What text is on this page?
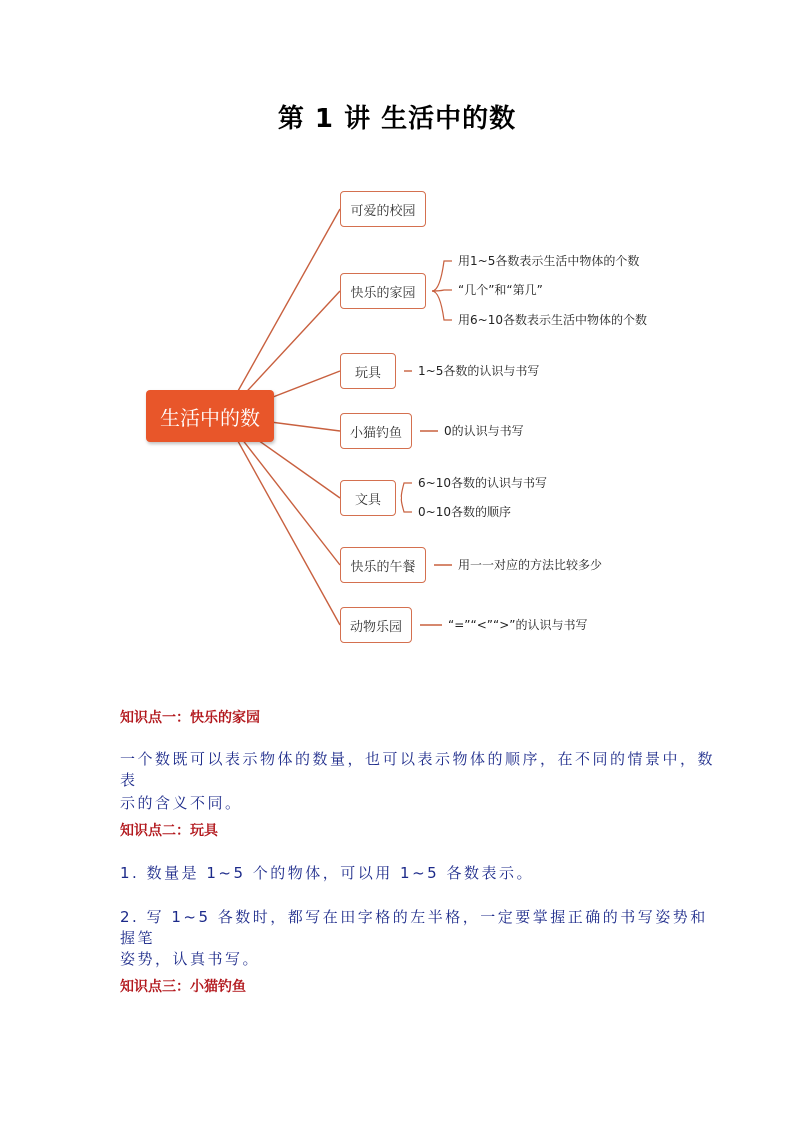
第 1 讲 生活中的数
生活中的数
可爱的校园
快乐的家园
用1~5各数表示生活中物体的个数
“几个”和“第几”
用6~10各数表示生活中物体的个数
玩具	1~5各数的认识与书写
小猫钓鱼	0的认识与书写
文具
6~10各数的认识与书写
0~10各数的顺序
快乐的午餐	用一一对应的方法比较多少
动物乐园	“=”“<”“>”的认识与书写
知识点一：快乐的家园
一个数既可以表示物体的数量，也可以表示物体的顺序，在不同的情景中，数表
示的含义不同。
知识点二：玩具
1. 数量是 1~5 个的物体，可以用 1~5 各数表示。
2. 写 1~5 各数时，都写在田字格的左半格，一定要掌握正确的书写姿势和握笔
姿势，认真书写。
知识点三：小猫钓鱼
